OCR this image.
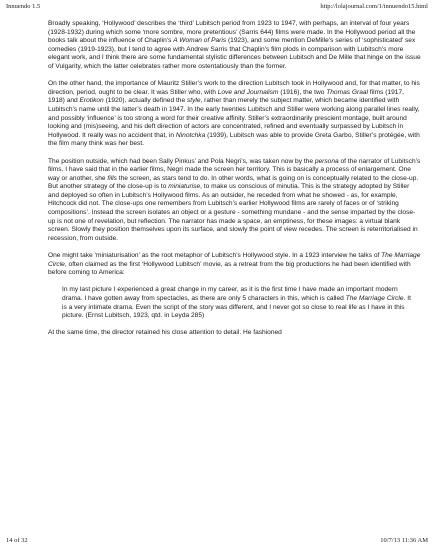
Innuendo 1.5	http://lolajournal.com/1/innuendo15.html

Broadly speaking, ‘Hollywood’ describes the ‘third’ Lubitsch period from 1923 to 1947, with perhaps, an interval of four years (1928-1932) during which some ‘more sombre, more pretentious’ (Sarris 644) films were made. In the Hollywood period all the books talk about the influence of Chaplin’s A Woman of Paris (1923), and some mention DeMille’s series of ‘sophisticated’ sex comedies (1919-1923), but I tend to agree with Andrew Sarris that Chaplin’s film plods in comparison with Lubitsch’s more elegant work, and I think there are some fundamental stylistic differences between Lubitsch and De Mille that hinge on the issue of Vulgarity, which the latter celebrates rather more ostentatiously than the former.

On the other hand, the importance of Mauritz Stiller’s work to the direction Lubitsch took in Hollywood and, for that matter, to his direction, period, ought to be clear. It was Stiller who, with Love and Journalism (1916), the two Thomas Graal films (1917, 1918) and Erotikon (1920), actually defined the style, rather than merely the subject matter, which became identified with Lubitsch’s name until the latter’s death in 1947. In the early twenties Lubitsch and Stiller were working along parallel lines really, and possibly ‘influence’ is too strong a word for their creative affinity. Stiller’s extraordinarily prescient montage, built around looking and (mis)seeing, and his deft direction of actors are concentrated, refined and eventually surpassed by Lubitsch in Hollywood. It really was no accident that, in Ninotchka (1939), Lubitsch was able to provide Greta Garbo, Stiller’s protégée, with the film many think was her best.

The position outside, which had been Sally Pinkus’ and Pola Negri’s, was taken now by the persona of the narrator of Lubitsch’s films. I have said that in the earlier films, Negri made the screen her territory. This is basically a process of enlargement. One way or another, she fills the screen, as stars tend to do. In other words, what is going on is conceptually related to the close-up. But another strategy of the close-up is to miniaturise, to make us conscious of minutia. This is the strategy adopted by Stiller and deployed so often in Lubitsch’s Hollywood films. As an outsider, he receded from what he showed - as, for example, Hitchcock did not. The close-ups one remembers from Lubitsch’s earlier Hollywood films are rarely of faces or of ‘striking compositions’. Instead the screen isolates an object or a gesture - something mundane - and the sense imparted by the close-up is not one of revelation, but reflection. The narrator has made a space, an emptiness, for these images: a virtual blank screen. Slowly they position themselves upon its surface, and slowly the point of view recedes. The screen is reterritorialised in recession, from outside.

One might take ‘miniaturisation’ as the root metaphor of Lubitsch’s Hollywood style. In a 1923 interview he talks of The Marriage Circle, often claimed as the first ‘Hollywood Lubitsch’ movie, as a retreat from the big productions he had been identified with before coming to America:

In my last picture I experienced a great change in my career, as it is the first time I have made an important modern drama. I have gotten away from spectacles, as there are only 5 characters in this, which is called The Marriage Circle. It is a very intimate drama. Even the script of the story was different, and I never got so close to real life as I have in this picture. (Ernst Lubitsch, 1923, qtd. in Leyda 285)

At the same time, the director retained his close attention to detail. He fashioned

14 of 32	10/7/13 11:36 AM
